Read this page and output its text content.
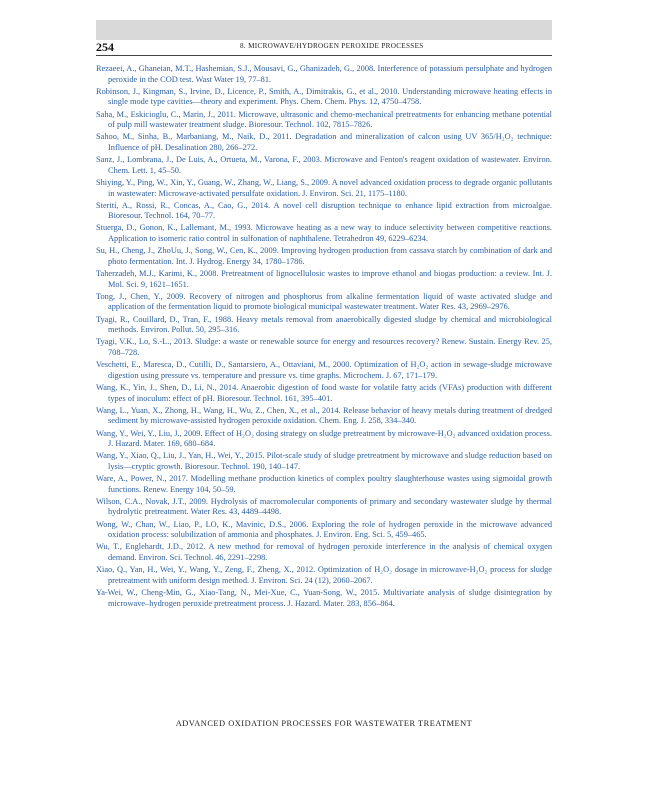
254	8. MICROWAVE/HYDROGEN PEROXIDE PROCESSES
Rezaeei, A., Ghaneian, M.T., Hashemian, S.J., Mousavi, G., Ghanizadeh, G., 2008. Interference of potassium persulphate and hydrogen peroxide in the COD test. Wast Water 19, 77–81.
Robinson, J., Kingman, S., Irvine, D., Licence, P., Smith, A., Dimitrakis, G., et al., 2010. Understanding microwave heating effects in single mode type cavities—theory and experiment. Phys. Chem. Chem. Phys. 12, 4750–4758.
Saha, M., Eskicioglu, C., Marin, J., 2011. Microwave, ultrasonic and chemo-mechanical pretreatments for enhancing methane potential of pulp mill wastewater treatment sludge. Bioresour. Technol. 102, 7815–7826.
Sahoo, M., Sinha, B., Marbaniang, M., Naik, D., 2011. Degradation and mineralization of calcon using UV 365/H₂O₂ technique: Influence of pH. Desalination 280, 266–272.
Sanz, J., Lombrana, J., De Luis, A., Ortueta, M., Varona, F., 2003. Microwave and Fenton's reagent oxidation of wastewater. Environ. Chem. Lett. 1, 45–50.
Shiying, Y., Ping, W., Xin, Y., Guang, W., Zhang, W., Liang, S., 2009. A novel advanced oxidation process to degrade organic pollutants in wastewater: Microwave-activated persulfate oxidation. J. Environ. Sci. 21, 1175–1180.
Steriti, A., Rossi, R., Concas, A., Cao, G., 2014. A novel cell disruption technique to enhance lipid extraction from microalgae. Bioresour. Technol. 164, 70–77.
Stuerga, D., Gonon, K., Lallemant, M., 1993. Microwave heating as a new way to induce selectivity between competitive reactions. Application to isomeric ratio control in sulfonation of naphthalene. Tetrahedron 49, 6229–6234.
Su, H., Cheng, J., ZhoUu, J., Song, W., Cen, K., 2009. Improving hydrogen production from cassava starch by combination of dark and photo fermentation. Int. J. Hydrog. Energy 34, 1780–1786.
Taherzadeh, M.J., Karimi, K., 2008. Pretreatment of lignocellulosic wastes to improve ethanol and biogas production: a review. Int. J. Mol. Sci. 9, 1621–1651.
Tong, J., Chen, Y., 2009. Recovery of nitrogen and phosphorus from alkaline fermentation liquid of waste activated sludge and application of the fermentation liquid to promote biological municipal wastewater treatment. Water Res. 43, 2969–2976.
Tyagi, R., Couillard, D., Tran, F., 1988. Heavy metals removal from anaerobically digested sludge by chemical and microbiological methods. Environ. Pollut. 50, 295–316.
Tyagi, V.K., Lo, S.-L., 2013. Sludge: a waste or renewable source for energy and resources recovery? Renew. Sustain. Energy Rev. 25, 708–728.
Veschetti, E., Maresca, D., Cutilli, D., Santarsiero, A., Ottaviani, M., 2000. Optimization of H₂O₂ action in sewage-sludge microwave digestion using pressure vs. temperature and pressure vs. time graphs. Microchem. J. 67, 171–179.
Wang, K., Yin, J., Shen, D., Li, N., 2014. Anaerobic digestion of food waste for volatile fatty acids (VFAs) production with different types of inoculum: effect of pH. Bioresour. Technol. 161, 395–401.
Wang, L., Yuan, X., Zhong, H., Wang, H., Wu, Z., Chen, X., et al., 2014. Release behavior of heavy metals during treatment of dredged sediment by microwave-assisted hydrogen peroxide oxidation. Chem. Eng. J. 258, 334–340.
Wang, Y., Wei, Y., Liu, J., 2009. Effect of H₂O₂ dosing strategy on sludge pretreatment by microwave-H₂O₂ advanced oxidation process. J. Hazard. Mater. 169, 680–684.
Wang, Y., Xiao, Q., Liu, J., Yan, H., Wei, Y., 2015. Pilot-scale study of sludge pretreatment by microwave and sludge reduction based on lysis—cryptic growth. Bioresour. Technol. 190, 140–147.
Ware, A., Power, N., 2017. Modelling methane production kinetics of complex poultry slaughterhouse wastes using sigmoidal growth functions. Renew. Energy 104, 50–59.
Wilson, C.A., Novak, J.T., 2009. Hydrolysis of macromolecular components of primary and secondary wastewater sludge by thermal hydrolytic pretreatment. Water Res. 43, 4489–4498.
Wong, W., Chan, W., Liao, P., LO, K., Mavinic, D.S., 2006. Exploring the role of hydrogen peroxide in the microwave advanced oxidation process: solubilization of ammonia and phosphates. J. Environ. Eng. Sci. 5, 459–465.
Wu, T., Englehardt, J.D., 2012. A new method for removal of hydrogen peroxide interference in the analysis of chemical oxygen demand. Environ. Sci. Technol. 46, 2291–2298.
Xiao, Q., Yan, H., Wei, Y., Wang, Y., Zeng, F., Zheng, X., 2012. Optimization of H₂O₂ dosage in microwave-H₂O₂ process for sludge pretreatment with uniform design method. J. Environ. Sci. 24 (12), 2060–2067.
Ya-Wei, W., Cheng-Min, G., Xiao-Tang, N., Mei-Xue, C., Yuan-Song, W., 2015. Multivariate analysis of sludge disintegration by microwave–hydrogen peroxide pretreatment process. J. Hazard. Mater. 283, 856–864.
ADVANCED OXIDATION PROCESSES FOR WASTEWATER TREATMENT
